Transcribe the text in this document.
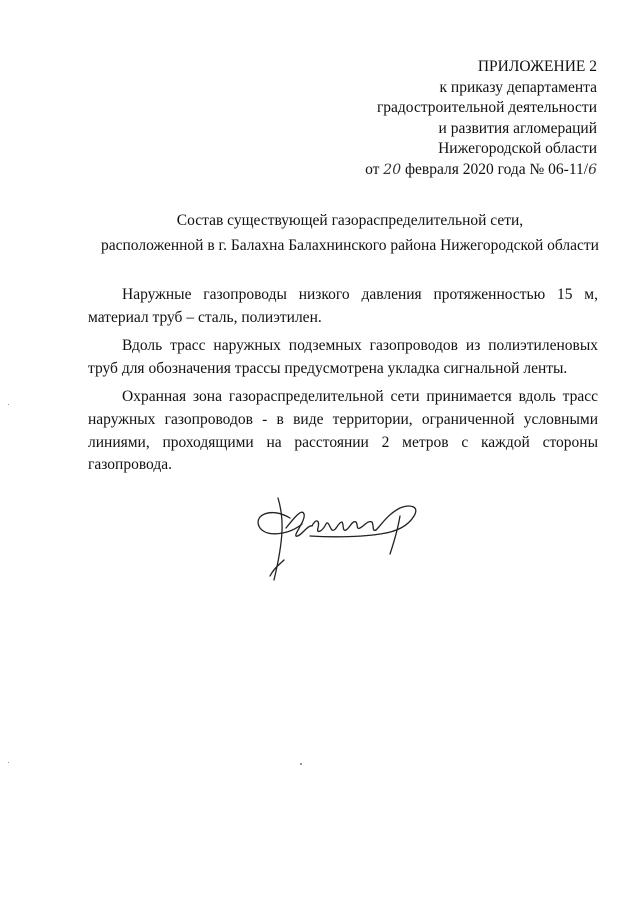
ПРИЛОЖЕНИЕ 2
к приказу департамента
градостроительной деятельности
и развития агломераций
Нижегородской области
от 20 февраля 2020 года № 06-11/6
Состав существующей газораспределительной сети,
расположенной в г. Балахна Балахнинского района Нижегородской области

Наружные газопроводы низкого давления протяженностью 15 м, материал труб – сталь, полиэтилен.

Вдоль трасс наружных подземных газопроводов из полиэтиленовых труб для обозначения трассы предусмотрена укладка сигнальной ленты.

Охранная зона газораспределительной сети принимается вдоль трасс наружных газопроводов - в виде территории, ограниченной условными линиями, проходящими на расстоянии 2 метров с каждой стороны газопровода.
